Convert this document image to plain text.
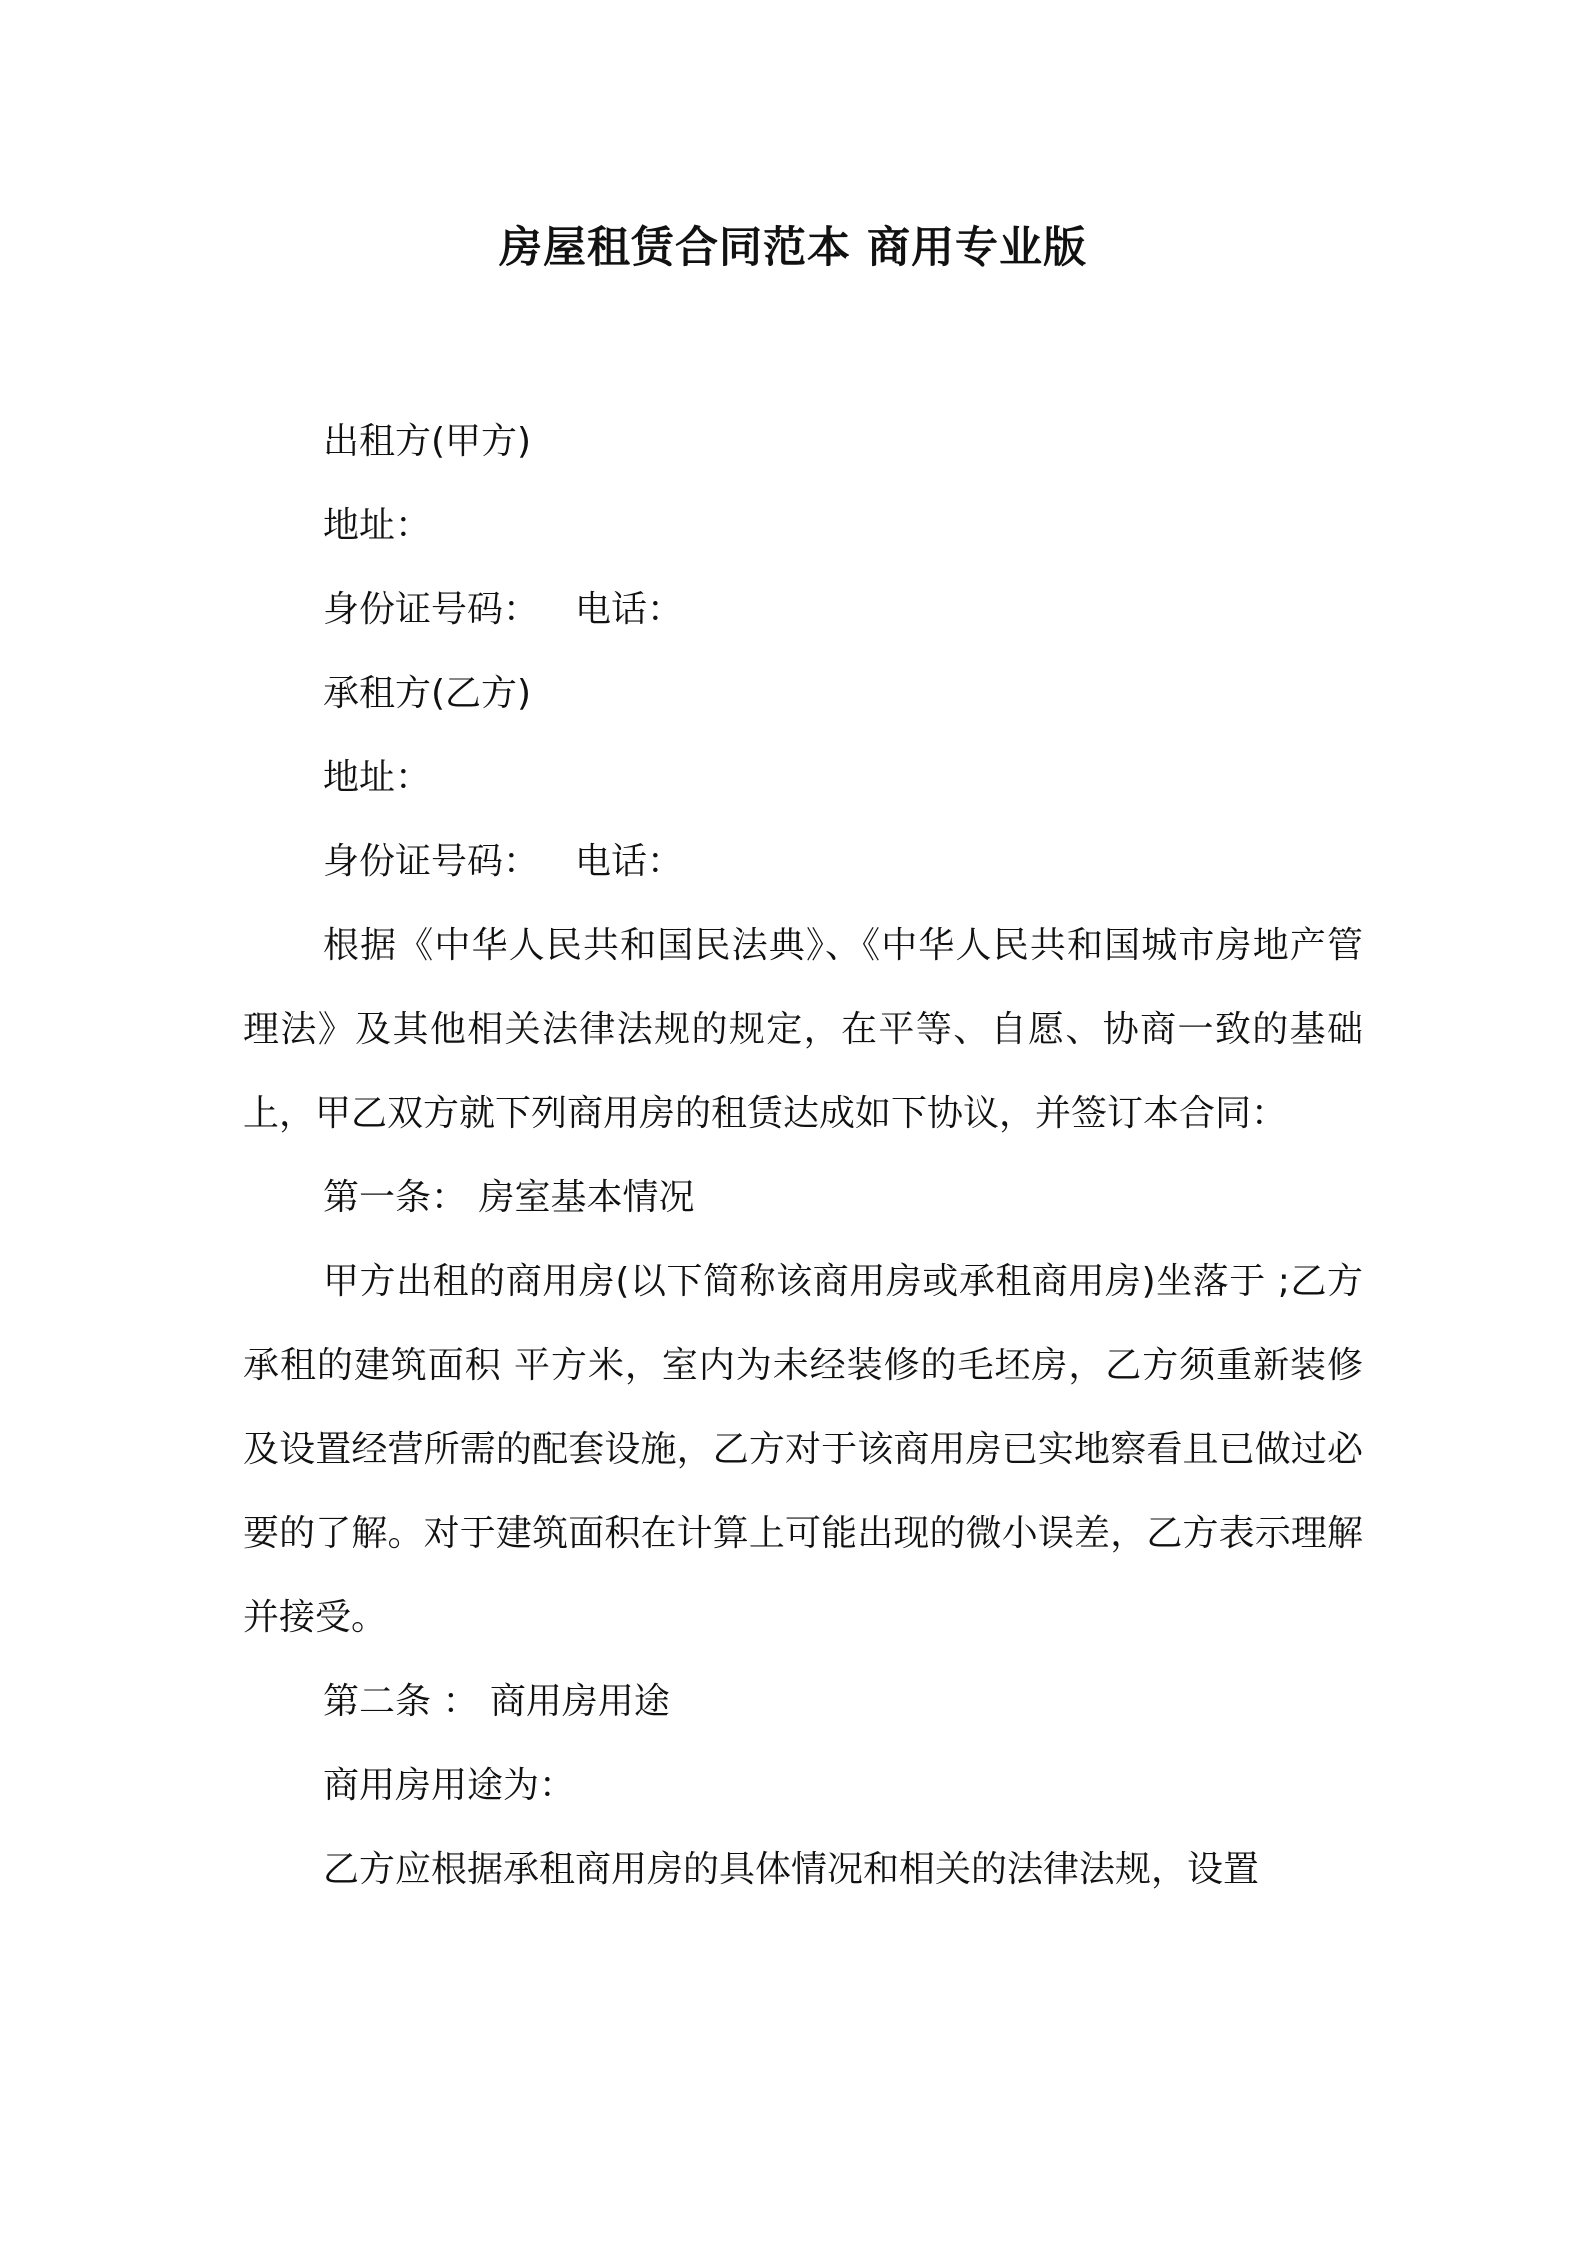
房屋租赁合同范本 商用专业版
出租方(甲方)
地址：
身份证号码： 电话：
承租方(乙方)
地址：
身份证号码： 电话：

根据《中华人民共和国民法典》、《中华人民共和国城市房地产管理法》及其他相关法律法规的规定，在平等、自愿、协商一致的基础上，甲乙双方就下列商用房的租赁达成如下协议，并签订本合同：

第一条： 房室基本情况

甲方出租的商用房(以下简称该商用房或承租商用房)坐落于 ;乙方承租的建筑面积 平方米，室内为未经装修的毛坯房，乙方须重新装修及设置经营所需的配套设施，乙方对于该商用房已实地察看且已做过必要的了解。对于建筑面积在计算上可能出现的微小误差，乙方表示理解并接受。

第二条 ： 商用房用途
商用房用途为：
乙方应根据承租商用房的具体情况和相关的法律法规，设置
